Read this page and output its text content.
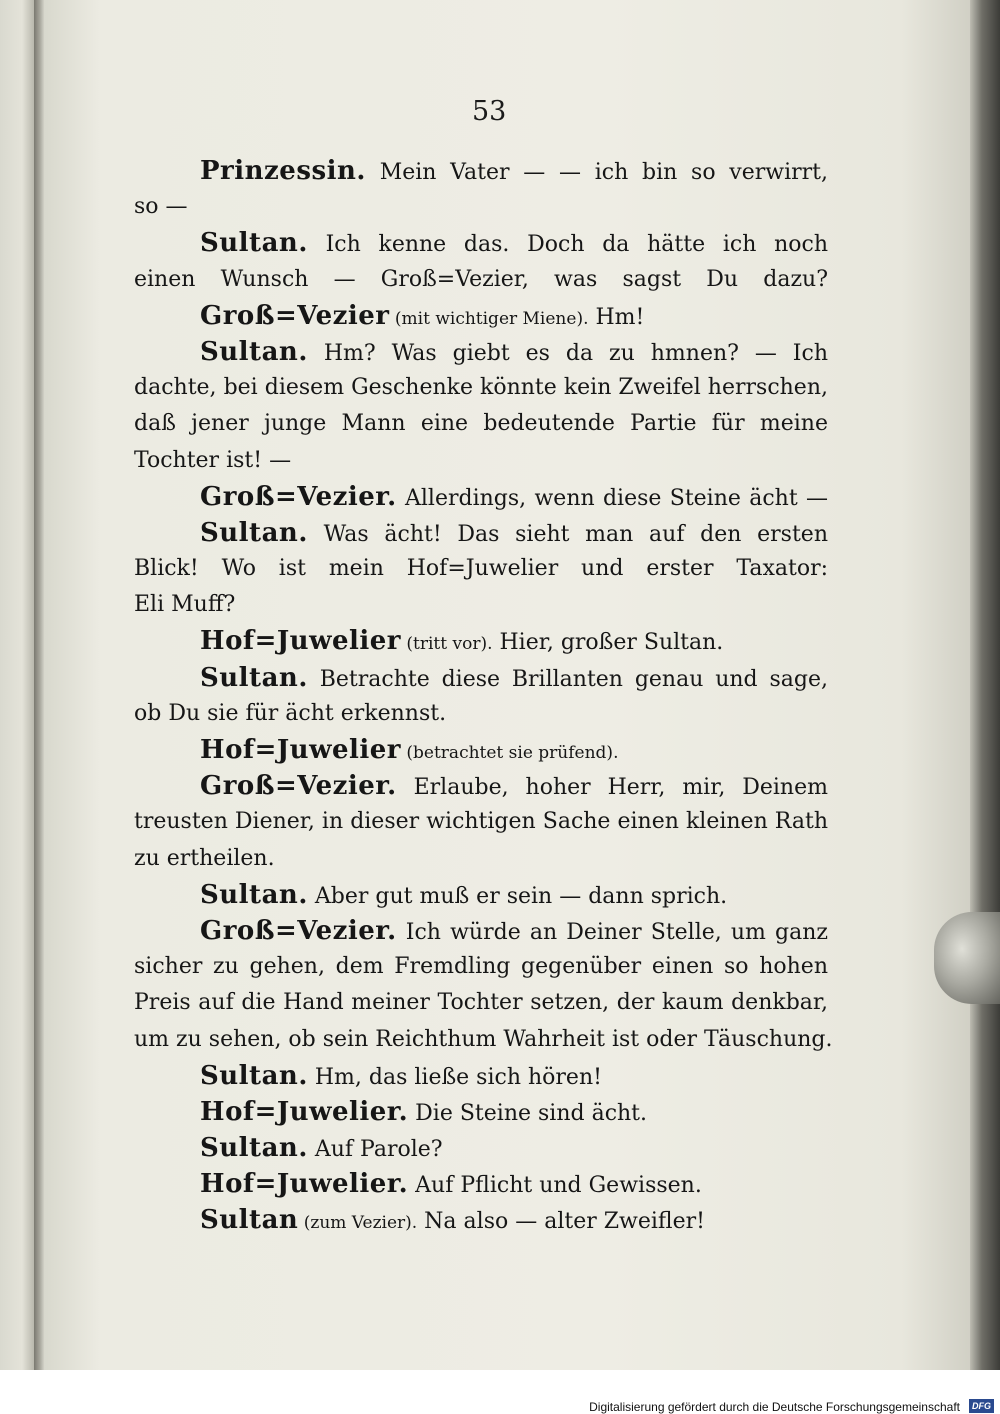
53
Prinzessin. Mein Vater — — ich bin so verwirrt,
so —
Sultan. Ich kenne das. Doch da hätte ich noch
einen Wunsch — Groß=Vezier, was sagst Du dazu?
Groß=Vezier (mit wichtiger Miene). Hm!
Sultan. Hm? Was giebt es da zu hmnen? — Ich
dachte, bei diesem Geschenke könnte kein Zweifel herrschen,
daß jener junge Mann eine bedeutende Partie für meine
Tochter ist! —
Groß=Vezier. Allerdings, wenn diese Steine ächt —
Sultan. Was ächt! Das sieht man auf den ersten
Blick! Wo ist mein Hof=Juwelier und erster Taxator:
Eli Muff?
Hof=Juwelier (tritt vor). Hier, großer Sultan.
Sultan. Betrachte diese Brillanten genau und sage,
ob Du sie für ächt erkennst.
Hof=Juwelier (betrachtet sie prüfend).
Groß=Vezier. Erlaube, hoher Herr, mir, Deinem
treusten Diener, in dieser wichtigen Sache einen kleinen Rath
zu ertheilen.
Sultan. Aber gut muß er sein — dann sprich.
Groß=Vezier. Ich würde an Deiner Stelle, um ganz
sicher zu gehen, dem Fremdling gegenüber einen so hohen
Preis auf die Hand meiner Tochter setzen, der kaum denkbar,
um zu sehen, ob sein Reichthum Wahrheit ist oder Täuschung.
Sultan. Hm, das ließe sich hören!
Hof=Juwelier. Die Steine sind ächt.
Sultan. Auf Parole?
Hof=Juwelier. Auf Pflicht und Gewissen.
Sultan (zum Vezier). Na also — alter Zweifler!
Digitalisierung gefördert durch die Deutsche Forschungsgemeinschaft	DFG
